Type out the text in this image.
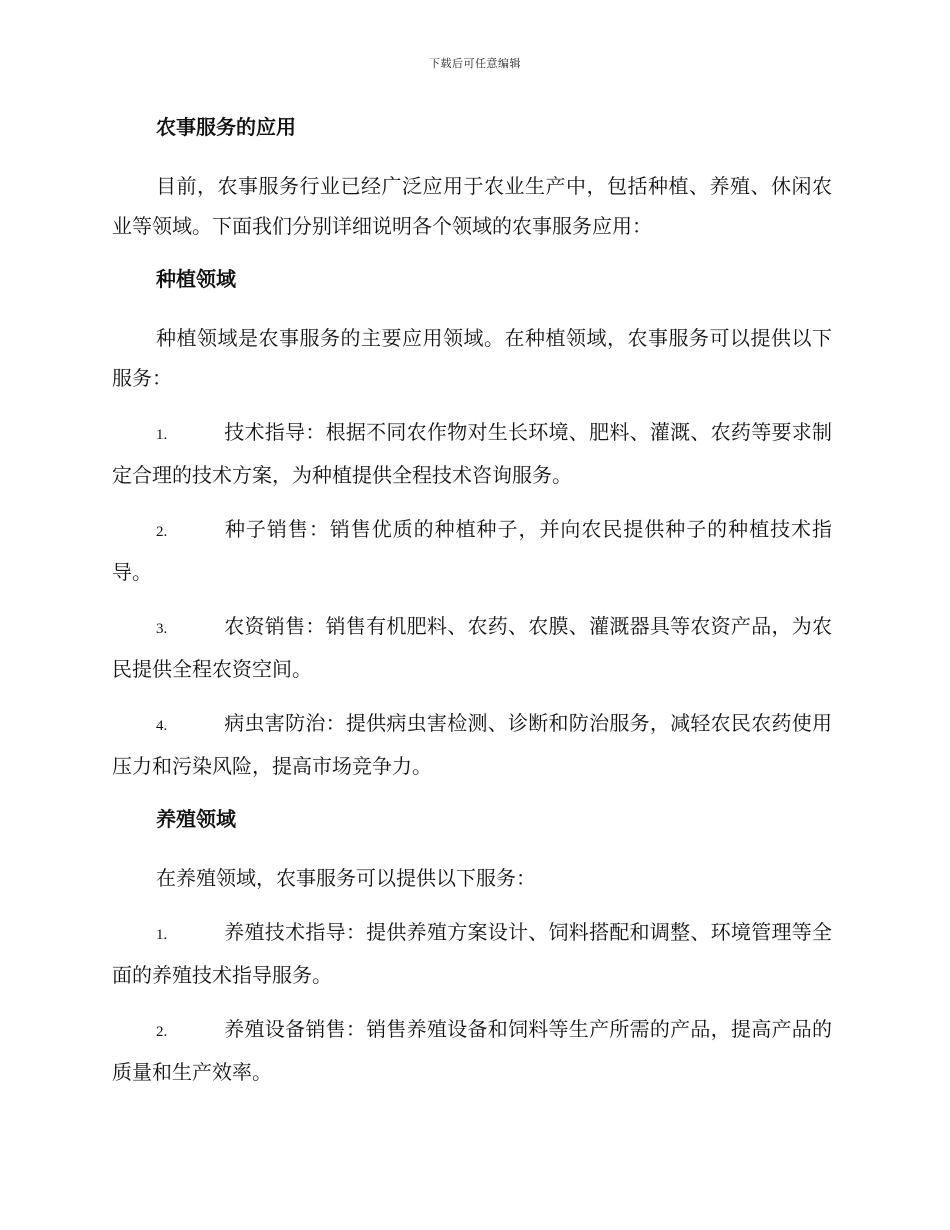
下载后可任意编辑
农事服务的应用

目前，农事服务行业已经广泛应用于农业生产中，包括种植、养殖、休闲农业等领域。下面我们分别详细说明各个领域的农事服务应用：

种植领域

种植领域是农事服务的主要应用领域。在种植领域，农事服务可以提供以下服务：

1.	技术指导：根据不同农作物对生长环境、肥料、灌溉、农药等要求制定合理的技术方案，为种植提供全程技术咨询服务。

2.	种子销售：销售优质的种植种子，并向农民提供种子的种植技术指导。

3.	农资销售：销售有机肥料、农药、农膜、灌溉器具等农资产品，为农民提供全程农资空间。

4.	病虫害防治：提供病虫害检测、诊断和防治服务，减轻农民农药使用压力和污染风险，提高市场竞争力。

养殖领域

在养殖领域，农事服务可以提供以下服务：

1.	养殖技术指导：提供养殖方案设计、饲料搭配和调整、环境管理等全面的养殖技术指导服务。

2.	养殖设备销售：销售养殖设备和饲料等生产所需的产品，提高产品的质量和生产效率。
